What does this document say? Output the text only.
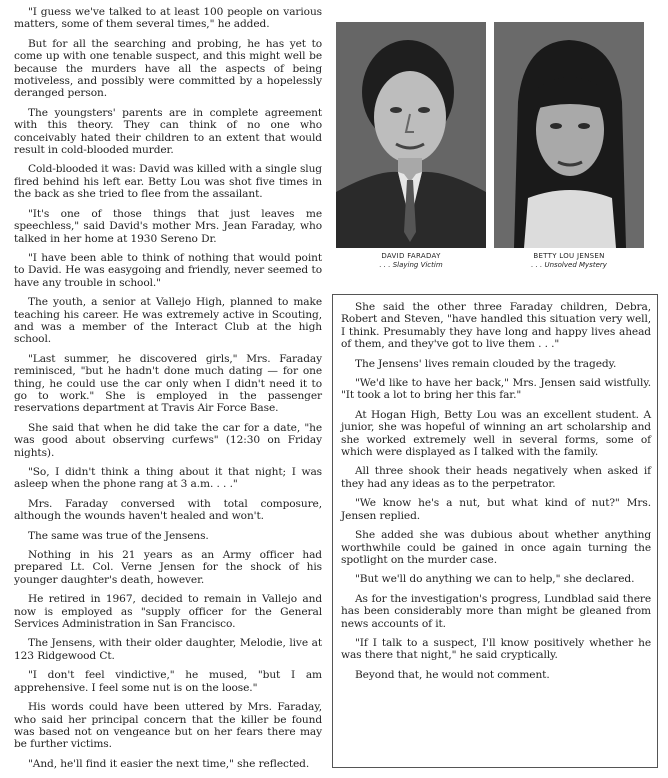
"I guess we've talked to at least 100 people on various matters, some of them several times," he added.

But for all the searching and probing, he has yet to come up with one tenable suspect, and this might well be because the murders have all the aspects of being motiveless, and possibly were committed by a hopelessly deranged person.

The youngsters' parents are in complete agreement with this theory. They can think of no one who conceivably hated their children to an extent that would result in cold-blooded murder.

Cold-blooded it was: David was killed with a single slug fired behind his left ear. Betty Lou was shot five times in the back as she tried to flee from the assailant.

"It's one of those things that just leaves me speechless," said David's mother Mrs. Jean Faraday, who talked in her home at 1930 Sereno Dr.

"I have been able to think of nothing that would point to David. He was easygoing and friendly, never seemed to have any trouble in school."

The youth, a senior at Vallejo High, planned to make teaching his career. He was extremely active in Scouting, and was a member of the Interact Club at the high school.

"Last summer, he discovered girls," Mrs. Faraday reminisced, "but he hadn't done much dating — for one thing, he could use the car only when I didn't need it to go to work." She is employed in the passenger reservations department at Travis Air Force Base.

She said that when he did take the car for a date, "he was good about observing curfews" (12:30 on Friday nights).

"So, I didn't think a thing about it that night; I was asleep when the phone rang at 3 a.m. . . ."

Mrs. Faraday conversed with total composure, although the wounds haven't healed and won't.

The same was true of the Jensens.

Nothing in his 21 years as an Army officer had prepared Lt. Col. Verne Jensen for the shock of his younger daughter's death, however.

He retired in 1967, decided to remain in Vallejo and now is employed as "supply officer for the General Services Administration in San Francisco.

The Jensens, with their older daughter, Melodie, live at 123 Ridgewood Ct.

"I don't feel vindictive," he mused, "but I am apprehensive. I feel some nut is on the loose."

His words could have been uttered by Mrs. Faraday, who said her principal concern that the killer be found was based not on vengeance but on her fears there may be further victims.

"And, he'll find it easier the next time," she reflected.

DAVID FARADAY
. . . Slaying Victim
BETTY LOU JENSEN
. . . Unsolved Mystery

She said the other three Faraday children, Debra, Robert and Steven, "have handled this situation very well, I think. Presumably they have long and happy lives ahead of them, and they've got to live them . . ."

The Jensens' lives remain clouded by the tragedy.

"We'd like to have her back," Mrs. Jensen said wistfully. "It took a lot to bring her this far."

At Hogan High, Betty Lou was an excellent student. A junior, she was hopeful of winning an art scholarship and she worked extremely well in several forms, some of which were displayed as I talked with the family.

All three shook their heads negatively when asked if they had any ideas as to the perpetrator.

"We know he's a nut, but what kind of nut?" Mrs. Jensen replied.

She added she was dubious about whether anything worthwhile could be gained in once again turning the spotlight on the murder case.

"But we'll do anything we can to help," she declared.

As for the investigation's progress, Lundblad said there has been considerably more than might be gleaned from news accounts of it.

"If I talk to a suspect, I'll know positively whether he was there that night," he said cryptically.

Beyond that, he would not comment.
